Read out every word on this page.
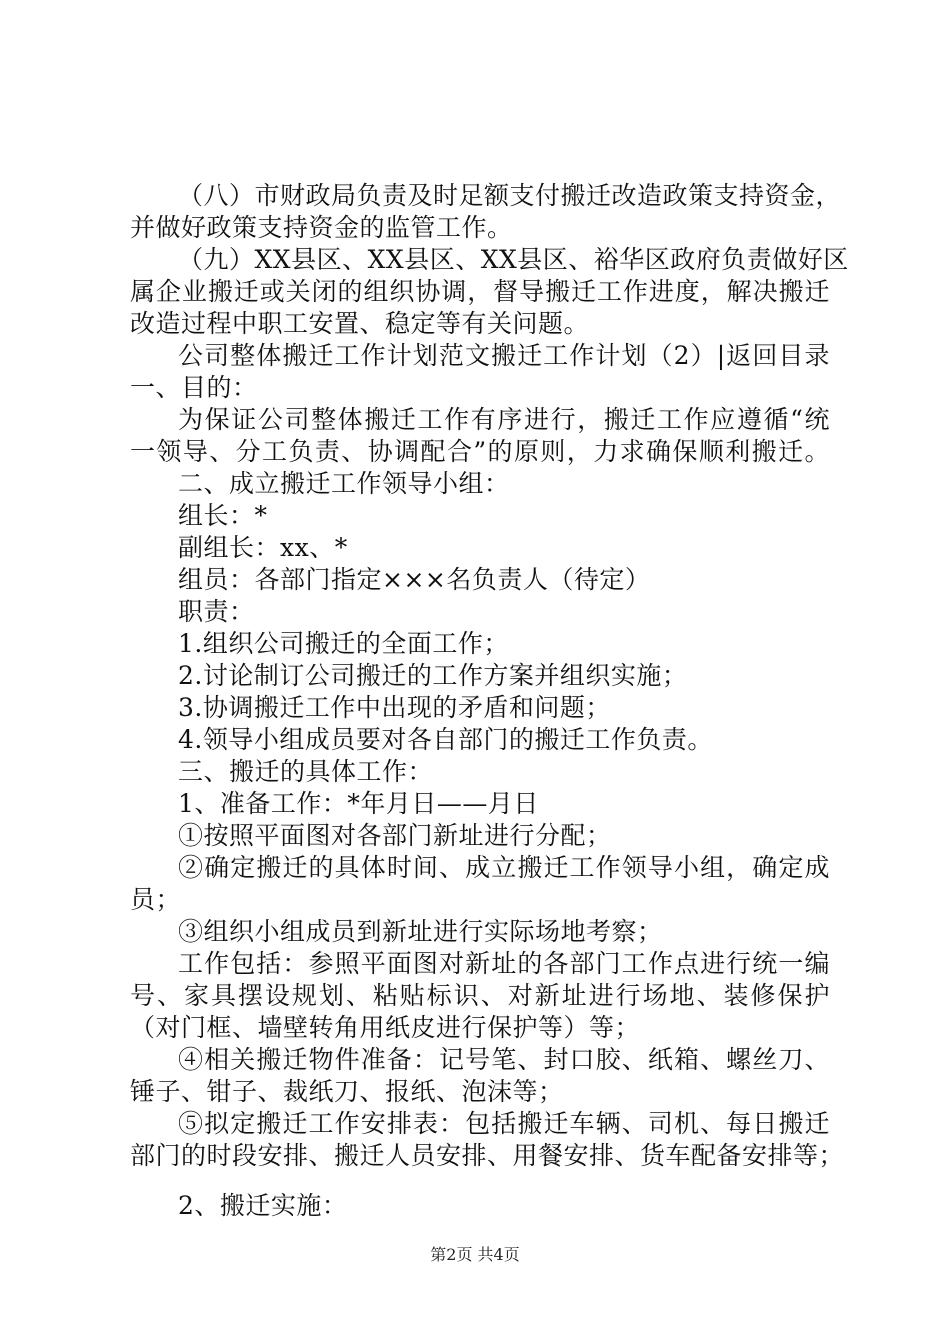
（八）市财政局负责及时足额支付搬迁改造政策支持资金，
并做好政策支持资金的监管工作。
（九）XX县区、XX县区、XX县区、裕华区政府负责做好区
属企业搬迁或关闭的组织协调，督导搬迁工作进度，解决搬迁
改造过程中职工安置、稳定等有关问题。
公司整体搬迁工作计划范文搬迁工作计划（2）|返回目录
一、目的：
为保证公司整体搬迁工作有序进行，搬迁工作应遵循“统
一领导、分工负责、协调配合”的原则，力求确保顺利搬迁。
二、成立搬迁工作领导小组：
组长：*
副组长：xx、*
组员：各部门指定×××名负责人（待定）
职责：
1.组织公司搬迁的全面工作；
2.讨论制订公司搬迁的工作方案并组织实施；
3.协调搬迁工作中出现的矛盾和问题；
4.领导小组成员要对各自部门的搬迁工作负责。
三、搬迁的具体工作：
1、准备工作：*年月日——月日
①按照平面图对各部门新址进行分配；
②确定搬迁的具体时间、成立搬迁工作领导小组，确定成
员；
③组织小组成员到新址进行实际场地考察；
工作包括：参照平面图对新址的各部门工作点进行统一编
号、家具摆设规划、粘贴标识、对新址进行场地、装修保护
（对门框、墙壁转角用纸皮进行保护等）等；
④相关搬迁物件准备：记号笔、封口胶、纸箱、螺丝刀、
锤子、钳子、裁纸刀、报纸、泡沫等；
⑤拟定搬迁工作安排表：包括搬迁车辆、司机、每日搬迁
部门的时段安排、搬迁人员安排、用餐安排、货车配备安排等；
2、搬迁实施：
第2页 共4页
